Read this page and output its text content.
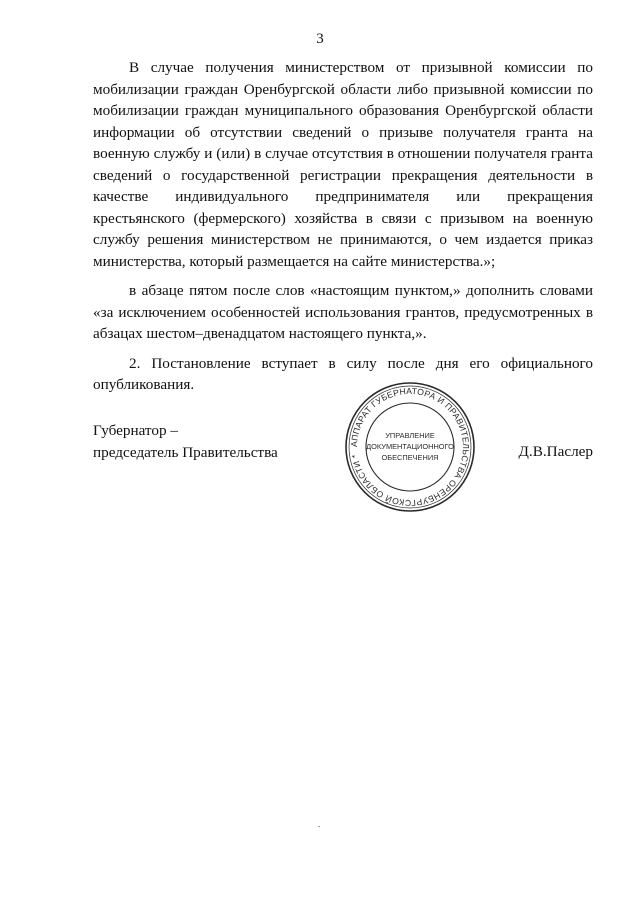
3

В случае получения министерством от призывной комиссии по мобилизации граждан Оренбургской области либо призывной комиссии по мобилизации граждан муниципального образования Оренбургской области информации об отсутствии сведений о призыве получателя гранта на военную службу и (или) в случае отсутствия в отношении получателя гранта сведений о государственной регистрации прекращения деятельности в качестве индивидуального предпринимателя или прекращения крестьянского (фермерского) хозяйства в связи с призывом на военную службу решения министерством не принимаются, о чем издается приказ министерства, который размещается на сайте министерства.»;

в абзаце пятом после слов «настоящим пунктом,» дополнить словами «за исключением особенностей использования грантов, предусмотренных в абзацах шестом–двенадцатом настоящего пункта,».

2. Постановление вступает в силу после дня его официального опубликования.

Губернатор –
председатель Правительства	АППАРАТ ГУБЕРНАТОРА И ПРАВИТЕЛЬСТВА ОРЕНБУРГСКОЙ ОБЛАСТИ *
УПРАВЛЕНИЕ
ДОКУМЕНТАЦИОННОГО
ОБЕСПЕЧЕНИЯ	Д.В.Паслер
